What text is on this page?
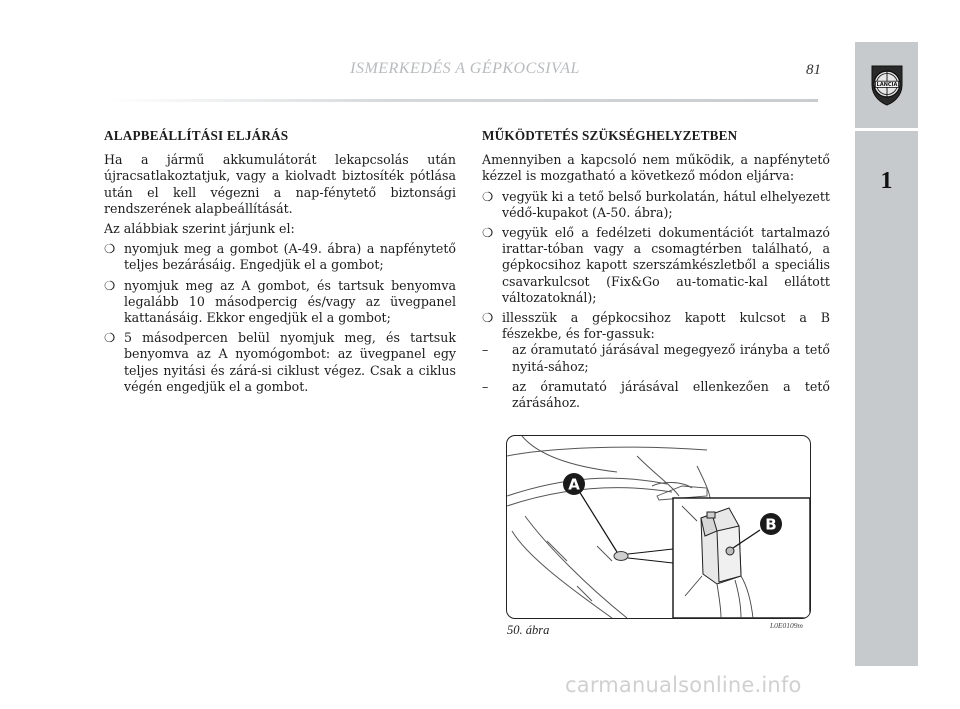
ISMERKEDÉS A GÉPKOCSIVAL	81
LANCIA
1
ALAPBEÁLLÍTÁSI ELJÁRÁS

Ha a jármű akkumulátorát lekapcsolás után újracsatlakoztatjuk, vagy a kiolvadt biztosíték pótlása után el kell végezni a nap-fénytető biztonsági rendszerének alapbeállítását.

Az alábbiak szerint járjunk el:

❍ nyomjuk meg a gombot (A-49. ábra) a napfénytető teljes bezárásáig. Engedjük el a gombot;
❍ nyomjuk meg az A gombot, és tartsuk benyomva legalább 10 másodpercig és/vagy az üvegpanel kattanásáig. Ekkor engedjük el a gombot;
❍ 5 másodpercen belül nyomjuk meg, és tartsuk benyomva az A nyomógombot: az üvegpanel egy teljes nyitási és zárá-si ciklust végez. Csak a ciklus végén engedjük el a gombot.
MŰKÖDTETÉS SZÜKSÉGHELYZETBEN

Amennyiben a kapcsoló nem működik, a napfénytető kézzel is mozgatható a következő módon eljárva:

❍ vegyük ki a tető belső burkolatán, hátul elhelyezett védő-kupakot (A-50. ábra);
❍ vegyük elő a fedélzeti dokumentációt tartalmazó irattar-tóban vagy a csomagtérben található, a gépkocsihoz kapott szerszámkészletből a speciális csavarkulcsot (Fix&Go au-tomatic-kal ellátott változatoknál);
❍ illesszük a gépkocsihoz kapott kulcsot a B fészekbe, és for-gassuk:
– az óramutató járásával megegyező irányba a tető nyitá-sához;
– az óramutató járásával ellenkezően a tető zárásához.
A
B
50. ábra	L0E0109m
carmanualsonline.info
